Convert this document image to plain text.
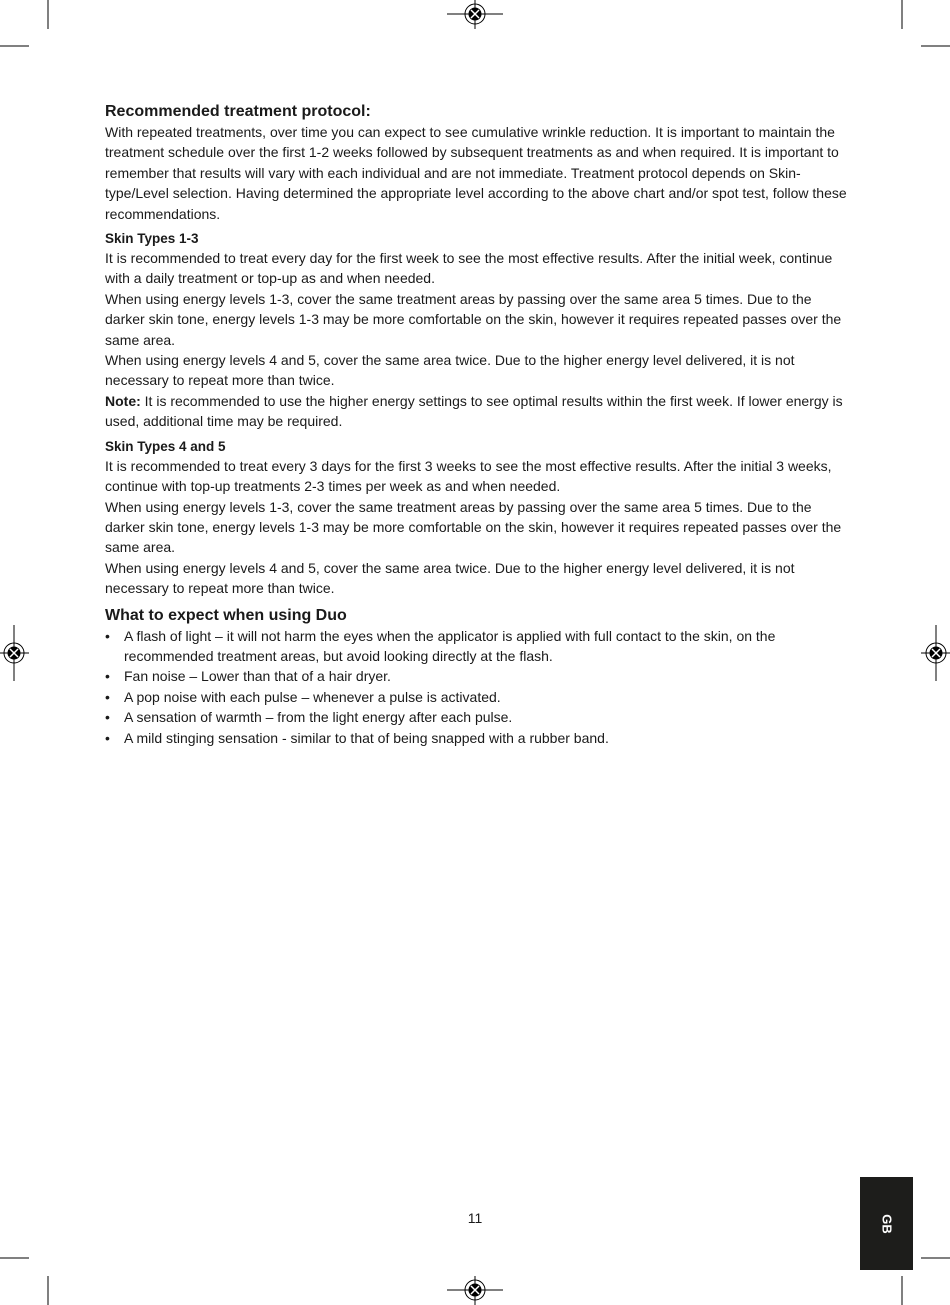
Recommended treatment protocol:

With repeated treatments, over time you can expect to see cumulative wrinkle reduction. It is important to maintain the treatment schedule over the first 1-2 weeks followed by subsequent treatments as and when required. It is important to remember that results will vary with each individual and are not immediate. Treatment protocol depends on Skin-type/Level selection. Having determined the appropriate level according to the above chart and/or spot test, follow these recommendations.

Skin Types 1-3

It is recommended to treat every day for the first week to see the most effective results. After the initial week, continue with a daily treatment or top-up as and when needed.

When using energy levels 1-3, cover the same treatment areas by passing over the same area 5 times. Due to the darker skin tone, energy levels 1-3 may be more comfortable on the skin, however it requires repeated passes over the same area.

When using energy levels 4 and 5, cover the same area twice. Due to the higher energy level delivered, it is not necessary to repeat more than twice.

Note: It is recommended to use the higher energy settings to see optimal results within the first week. If lower energy is used, additional time may be required.

Skin Types 4 and 5

It is recommended to treat every 3 days for the first 3 weeks to see the most effective results. After the initial 3 weeks, continue with top-up treatments 2-3 times per week as and when needed.

When using energy levels 1-3, cover the same treatment areas by passing over the same area 5 times. Due to the darker skin tone, energy levels 1-3 may be more comfortable on the skin, however it requires repeated passes over the same area.

When using energy levels 4 and 5, cover the same area twice. Due to the higher energy level delivered, it is not necessary to repeat more than twice.

What to expect when using Duo
• A flash of light – it will not harm the eyes when the applicator is applied with full contact to the skin, on the recommended treatment areas, but avoid looking directly at the flash.
• Fan noise – Lower than that of a hair dryer.
• A pop noise with each pulse – whenever a pulse is activated.
• A sensation of warmth – from the light energy after each pulse.
• A mild stinging sensation - similar to that of being snapped with a rubber band.
11	GB
